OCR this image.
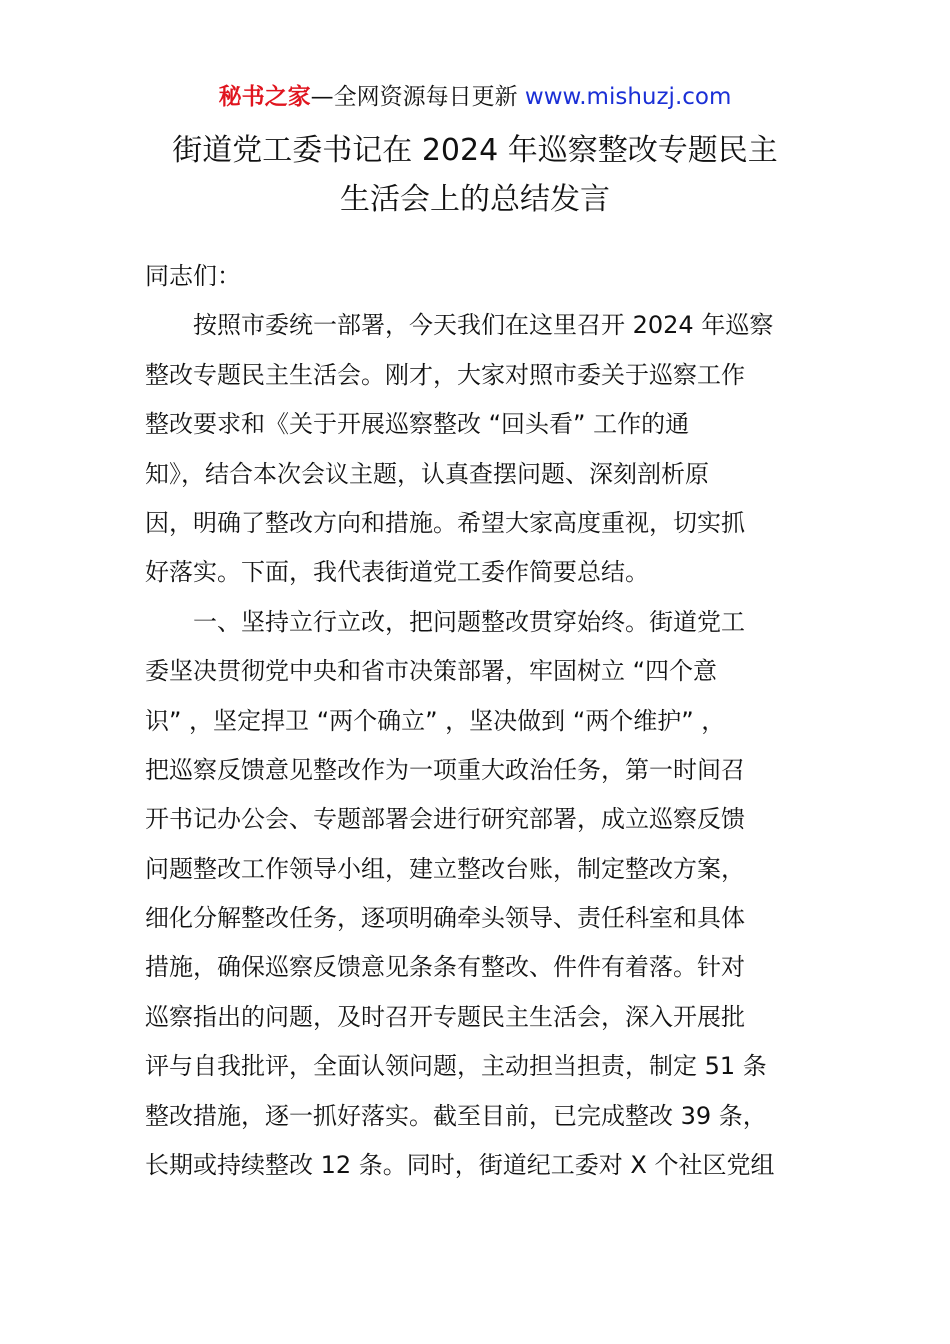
秘书之家—全网资源每日更新 www.mishuzj.com
街道党工委书记在 2024 年巡察整改专题民主
生活会上的总结发言
同志们：
按照市委统一部署，今天我们在这里召开 2024 年巡察
整改专题民主生活会。刚才，大家对照市委关于巡察工作
整改要求和《关于开展巡察整改 “回头看” 工作的通
知》，结合本次会议主题，认真查摆问题、深刻剖析原
因，明确了整改方向和措施。希望大家高度重视，切实抓
好落实。下面，我代表街道党工委作简要总结。
一、坚持立行立改，把问题整改贯穿始终。街道党工
委坚决贯彻党中央和省市决策部署，牢固树立 “四个意
识” ，坚定捍卫 “两个确立” ，坚决做到 “两个维护” ，
把巡察反馈意见整改作为一项重大政治任务，第一时间召
开书记办公会、专题部署会进行研究部署，成立巡察反馈
问题整改工作领导小组，建立整改台账，制定整改方案，
细化分解整改任务，逐项明确牵头领导、责任科室和具体
措施，确保巡察反馈意见条条有整改、件件有着落。针对
巡察指出的问题，及时召开专题民主生活会，深入开展批
评与自我批评，全面认领问题，主动担当担责，制定 51 条
整改措施，逐一抓好落实。截至目前，已完成整改 39 条，
长期或持续整改 12 条。同时，街道纪工委对 X 个社区党组
